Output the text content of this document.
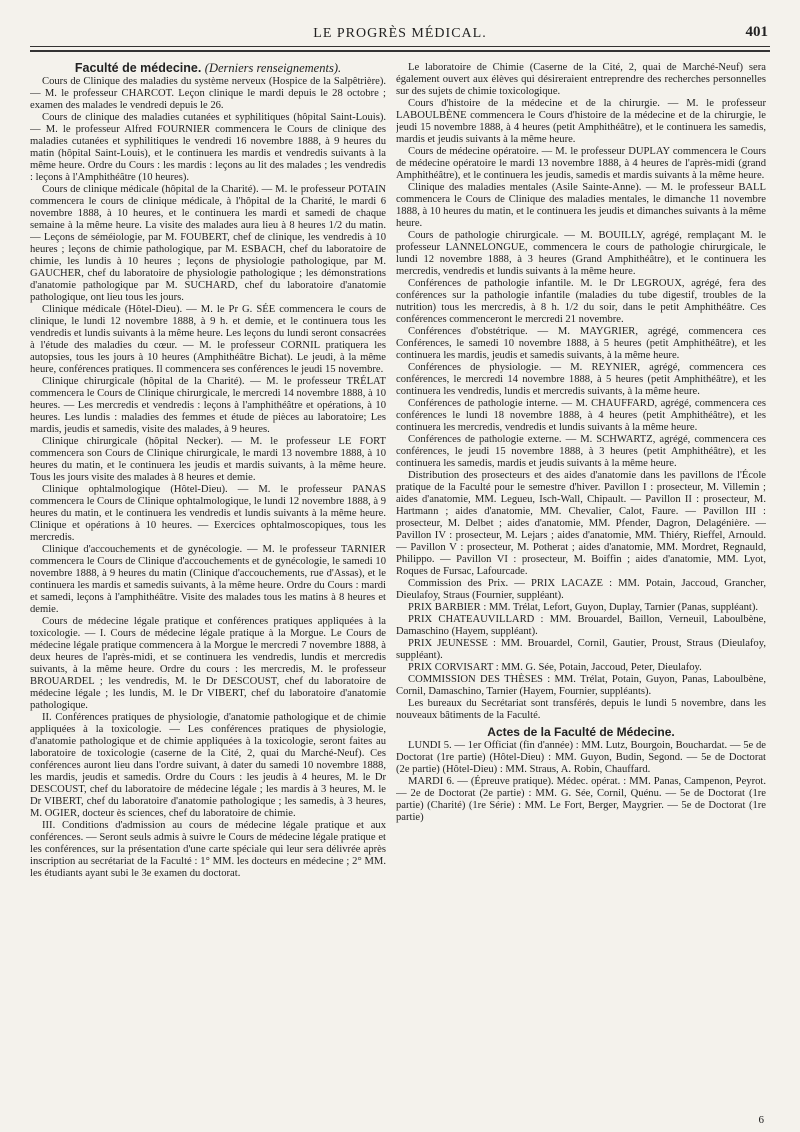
LE PROGRÈS MÉDICAL.	401
Faculté de médecine. (Derniers renseignements).

Cours de Clinique des maladies du système nerveux (Hospice de la Salpêtrière). — M. le professeur CHARCOT. Leçon clinique le mardi depuis le 28 octobre ; examen des malades le vendredi depuis le 26.

Cours de clinique des maladies cutanées et syphilitiques (hôpital Saint-Louis). — M. le professeur Alfred FOURNIER commencera le Cours de clinique des maladies cutanées et syphilitiques le vendredi 16 novembre 1888, à 9 heures du matin (hôpital Saint-Louis), et le continuera les mardis et vendredis suivants à la même heure. Ordre du Cours : les mardis : leçons au lit des malades ; les vendredis : leçons à l'Amphithéâtre (10 heures).

Cours de clinique médicale (hôpital de la Charité). — M. le professeur POTAIN commencera le cours de clinique médicale, à l'hôpital de la Charité, le mardi 6 novembre 1888, à 10 heures, et le continuera les mardi et samedi de chaque semaine à la même heure. La visite des malades aura lieu à 8 heures 1/2 du matin. — Leçons de séméiologie, par M. FOUBERT, chef de clinique, les vendredis à 10 heures ; leçons de chimie pathologique, par M. ESBACH, chef du laboratoire de chimie, les lundis à 10 heures ; leçons de physiologie pathologique, par M. GAUCHER, chef du laboratoire de physiologie pathologique ; les démonstrations d'anatomie pathologique par M. SUCHARD, chef du laboratoire d'anatomie pathologique, ont lieu tous les jours.

Clinique médicale (Hôtel-Dieu). — M. le Pr G. SÉE commencera le cours de clinique, le lundi 12 novembre 1888, à 9 h. et demie, et le continuera tous les vendredis et lundis suivants à la même heure. Les leçons du lundi seront consacrées à l'étude des maladies du cœur. — M. le professeur CORNIL pratiquera les autopsies, tous les jours à 10 heures (Amphithéâtre Bichat). Le jeudi, à la même heure, conférences pratiques. Il commencera ses conférences le jeudi 15 novembre.

Clinique chirurgicale (hôpital de la Charité). — M. le professeur TRÉLAT commencera le Cours de Clinique chirurgicale, le mercredi 14 novembre 1888, à 10 heures. — Les mercredis et vendredis : leçons à l'amphithéâtre et opérations, à 10 heures. Les lundis : maladies des femmes et étude de pièces au laboratoire; Les mardis, jeudis et samedis, visite des malades, à 9 heures.

Clinique chirurgicale (hôpital Necker). — M. le professeur LE FORT commencera son Cours de Clinique chirurgicale, le mardi 13 novembre 1888, à 10 heures du matin, et le continuera les jeudis et mardis suivants, à la même heure. Tous les jours visite des malades à 8 heures et demie.

Clinique ophtalmologique (Hôtel-Dieu). — M. le professeur PANAS commencera le Cours de Clinique ophtalmologique, le lundi 12 novembre 1888, à 9 heures du matin, et le continuera les vendredis et lundis suivants à la même heure. Clinique et opérations à 10 heures. — Exercices ophtalmoscopiques, tous les mercredis.

Clinique d'accouchements et de gynécologie. — M. le professeur TARNIER commencera le Cours de Clinique d'accouchements et de gynécologie, le samedi 10 novembre 1888, à 9 heures du matin (Clinique d'accouchements, rue d'Assas), et le continuera les mardis et samedis suivants, à la même heure. Ordre du Cours : mardi et samedi, leçons à l'amphithéâtre. Visite des malades tous les matins à 8 heures et demie.

Cours de médecine légale pratique et conférences pratiques appliquées à la toxicologie. — I. Cours de médecine légale pratique à la Morgue. Le Cours de médecine légale pratique commencera à la Morgue le mercredi 7 novembre 1888, à deux heures de l'après-midi, et se continuera les vendredis, lundis et mercredis suivants, à la même heure. Ordre du cours : les mercredis, M. le professeur BROUARDEL ; les vendredis, M. le Dr DESCOUST, chef du laboratoire de médecine légale ; les lundis, M. le Dr VIBERT, chef du laboratoire d'anatomie pathologique.

II. Conférences pratiques de physiologie, d'anatomie pathologique et de chimie appliquées à la toxicologie. — Les conférences pratiques de physiologie, d'anatomie pathologique et de chimie appliquées à la toxicologie, seront faites au laboratoire de toxicologie (caserne de la Cité, 2, quai du Marché-Neuf). Ces conférences auront lieu dans l'ordre suivant, à dater du samedi 10 novembre 1888, les mardis, jeudis et samedis. Ordre du Cours : les jeudis à 4 heures, M. le Dr DESCOUST, chef du laboratoire de médecine légale ; les mardis à 3 heures, M. le Dr VIBERT, chef du laboratoire d'anatomie pathologique ; les samedis, à 3 heures, M. OGIER, docteur ès sciences, chef du laboratoire de chimie.

III. Conditions d'admission au cours de médecine légale pratique et aux conférences. — Seront seuls admis à suivre le Cours de médecine légale pratique et les conférences, sur la présentation d'une carte spéciale qui leur sera délivrée après inscription au secrétariat de la Faculté : 1° MM. les docteurs en médecine ; 2° MM. les étudiants ayant subi le 3e examen du doctorat.

Le laboratoire de Chimie (Caserne de la Cité, 2, quai de Marché-Neuf) sera également ouvert aux élèves qui désireraient entreprendre des recherches personnelles sur des sujets de chimie toxicologique.

Cours d'histoire de la médecine et de la chirurgie. — M. le professeur LABOULBÈNE commencera le Cours d'histoire de la médecine et de la chirurgie, le jeudi 15 novembre 1888, à 4 heures (petit Amphithéâtre), et le continuera les samedis, mardis et jeudis suivants à la même heure.

Cours de médecine opératoire. — M. le professeur DUPLAY commencera le Cours de médecine opératoire le mardi 13 novembre 1888, à 4 heures de l'après-midi (grand Amphithéâtre), et le continuera les jeudis, samedis et mardis suivants à la même heure.

Clinique des maladies mentales (Asile Sainte-Anne). — M. le professeur BALL commencera le Cours de Clinique des maladies mentales, le dimanche 11 novembre 1888, à 10 heures du matin, et le continuera les jeudis et dimanches suivants à la même heure.

Cours de pathologie chirurgicale. — M. BOUILLY, agrégé, remplaçant M. le professeur LANNELONGUE, commencera le cours de pathologie chirurgicale, le lundi 12 novembre 1888, à 3 heures (Grand Amphithéâtre), et le continuera les mercredis, vendredis et lundis suivants à la même heure.

Conférences de pathologie infantile. M. le Dr LEGROUX, agrégé, fera des conférences sur la pathologie infantile (maladies du tube digestif, troubles de la nutrition) tous les mercredis, à 8 h. 1/2 du soir, dans le petit Amphithéâtre. Ces conférences commenceront le mercredi 21 novembre.

Conférences d'obstétrique. — M. MAYGRIER, agrégé, commencera ces Conférences, le samedi 10 novembre 1888, à 5 heures (petit Amphithéâtre), et les continuera les mardis, jeudis et samedis suivants, à la même heure.

Conférences de physiologie. — M. REYNIER, agrégé, commencera ces conférences, le mercredi 14 novembre 1888, à 5 heures (petit Amphithéâtre), et les continuera les vendredis, lundis et mercredis suivants, à la même heure.

Conférences de pathologie interne. — M. CHAUFFARD, agrégé, commencera ces conférences le lundi 18 novembre 1888, à 4 heures (petit Amphithéâtre), et les continuera les mercredis, vendredis et lundis suivants à la même heure.

Conférences de pathologie externe. — M. SCHWARTZ, agrégé, commencera ces conférences, le jeudi 15 novembre 1888, à 3 heures (petit Amphithéâtre), et les continuera les samedis, mardis et jeudis suivants à la même heure.

Distribution des prosecteurs et des aides d'anatomie dans les pavillons de l'École pratique de la Faculté pour le semestre d'hiver. Pavillon I : prosecteur, M. Villemin ; aides d'anatomie, MM. Legueu, Isch-Wall, Chipault. — Pavillon II : prosecteur, M. Hartmann ; aides d'anatomie, MM. Chevalier, Calot, Faure. — Pavillon III : prosecteur, M. Delbet ; aides d'anatomie, MM. Pfender, Dagron, Delagénière. — Pavillon IV : prosecteur, M. Lejars ; aides d'anatomie, MM. Thiéry, Rieffel, Arnould. — Pavillon V : prosecteur, M. Potherat ; aides d'anatomie, MM. Mordret, Regnauld, Philippo. — Pavillon VI : prosecteur, M. Boiffin ; aides d'anatomie, MM. Lyot, Roques de Fursac, Lafourcade.

Commission des Prix. — PRIX LACAZE : MM. Potain, Jaccoud, Grancher, Dieulafoy, Straus (Fournier, suppléant).

PRIX BARBIER : MM. Trélat, Lefort, Guyon, Duplay, Tarnier (Panas, suppléant).

PRIX CHATEAUVILLARD : MM. Brouardel, Baillon, Verneuil, Laboulbène, Damaschino (Hayem, suppléant).

PRIX JEUNESSE : MM. Brouardel, Cornil, Gautier, Proust, Straus (Dieulafoy, suppléant).

PRIX CORVISART : MM. G. Sée, Potain, Jaccoud, Peter, Dieulafoy.

COMMISSION DES THÈSES : MM. Trélat, Potain, Guyon, Panas, Laboulbène, Cornil, Damaschino, Tarnier (Hayem, Fournier, suppléants).

Les bureaux du Secrétariat sont transférés, depuis le lundi 5 novembre, dans les nouveaux bâtiments de la Faculté.

Actes de la Faculté de Médecine.

LUNDI 5. — 1er Officiat (fin d'année) : MM. Lutz, Bourgoin, Bouchardat. — 5e de Doctorat (1re partie) (Hôtel-Dieu) : MM. Guyon, Budin, Segond. — 5e de Doctorat (2e partie) (Hôtel-Dieu) : MM. Straus, A. Robin, Chauffard.

MARDI 6. — (Épreuve pratique). Médec. opérat. : MM. Panas, Campenon, Peyrot. — 2e de Doctorat (2e partie) : MM. G. Sée, Cornil, Quénu. — 5e de Doctorat (1re partie) (Charité) (1re Série) : MM. Le Fort, Berger, Maygrier. — 5e de Doctorat (1re partie)

6
